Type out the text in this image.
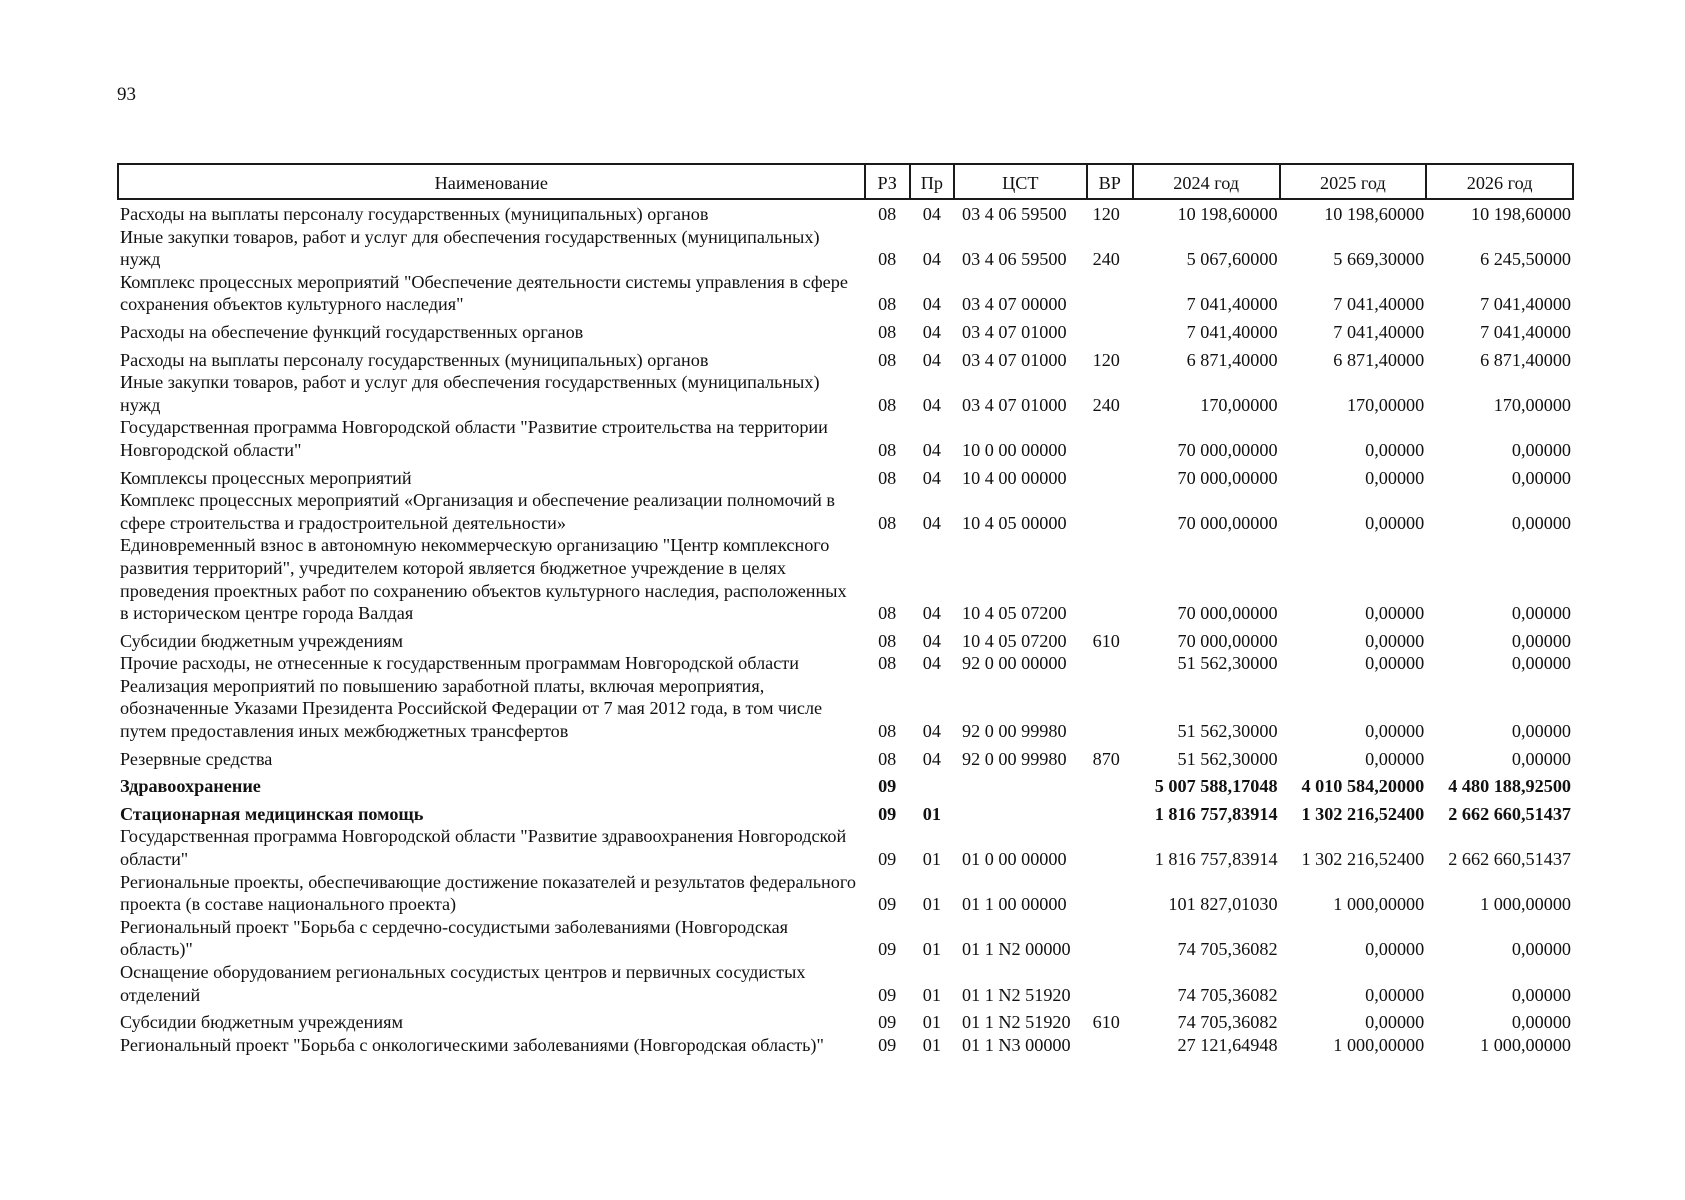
93
Наименование	РЗ	Пр	ЦСТ	ВР	2024 год	2025 год	2026 год
Расходы на выплаты персоналу государственных (муниципальных) органов	08	04	03 4 06 59500	120	10 198,60000	10 198,60000	10 198,60000
Иные закупки товаров, работ и услуг для обеспечения государственных (муниципальных) нужд	08	04	03 4 06 59500	240	5 067,60000	5 669,30000	6 245,50000
Комплекс процессных мероприятий "Обеспечение деятельности системы управления в сфере сохранения объектов культурного наследия"	08	04	03 4 07 00000		7 041,40000	7 041,40000	7 041,40000
Расходы на обеспечение функций государственных органов	08	04	03 4 07 01000		7 041,40000	7 041,40000	7 041,40000
Расходы на выплаты персоналу государственных (муниципальных) органов	08	04	03 4 07 01000	120	6 871,40000	6 871,40000	6 871,40000
Иные закупки товаров, работ и услуг для обеспечения государственных (муниципальных) нужд	08	04	03 4 07 01000	240	170,00000	170,00000	170,00000
Государственная программа Новгородской области "Развитие строительства на территории Новгородской области"	08	04	10 0 00 00000		70 000,00000	0,00000	0,00000
Комплексы процессных мероприятий	08	04	10 4 00 00000		70 000,00000	0,00000	0,00000
Комплекс процессных мероприятий «Организация и обеспечение реализации полномочий в сфере строительства и градостроительной деятельности»	08	04	10 4 05 00000		70 000,00000	0,00000	0,00000
Единовременный взнос в автономную некоммерческую организацию "Центр комплексного развития территорий", учредителем которой является бюджетное учреждение в целях проведения проектных работ по сохранению объектов культурного наследия, расположенных в историческом центре города Валдая	08	04	10 4 05 07200		70 000,00000	0,00000	0,00000
Субсидии бюджетным учреждениям	08	04	10 4 05 07200	610	70 000,00000	0,00000	0,00000
Прочие расходы, не отнесенные к государственным программам Новгородской области	08	04	92 0 00 00000		51 562,30000	0,00000	0,00000
Реализация мероприятий по повышению заработной платы, включая мероприятия, обозначенные Указами Президента Российской Федерации от 7 мая 2012 года, в том числе путем предоставления иных межбюджетных трансфертов	08	04	92 0 00 99980		51 562,30000	0,00000	0,00000
Резервные средства	08	04	92 0 00 99980	870	51 562,30000	0,00000	0,00000
Здравоохранение	09				5 007 588,17048	4 010 584,20000	4 480 188,92500
Стационарная медицинская помощь	09	01			1 816 757,83914	1 302 216,52400	2 662 660,51437
Государственная программа Новгородской области "Развитие здравоохранения Новгородской области"	09	01	01 0 00 00000		1 816 757,83914	1 302 216,52400	2 662 660,51437
Региональные проекты, обеспечивающие достижение показателей и результатов федерального проекта (в составе национального проекта)	09	01	01 1 00 00000		101 827,01030	1 000,00000	1 000,00000
Региональный проект "Борьба с сердечно-сосудистыми заболеваниями (Новгородская область)"	09	01	01 1 N2 00000		74 705,36082	0,00000	0,00000
Оснащение оборудованием региональных сосудистых центров и первичных сосудистых отделений	09	01	01 1 N2 51920		74 705,36082	0,00000	0,00000
Субсидии бюджетным учреждениям	09	01	01 1 N2 51920	610	74 705,36082	0,00000	0,00000
Региональный проект "Борьба с онкологическими заболеваниями (Новгородская область)"	09	01	01 1 N3 00000		27 121,64948	1 000,00000	1 000,00000
